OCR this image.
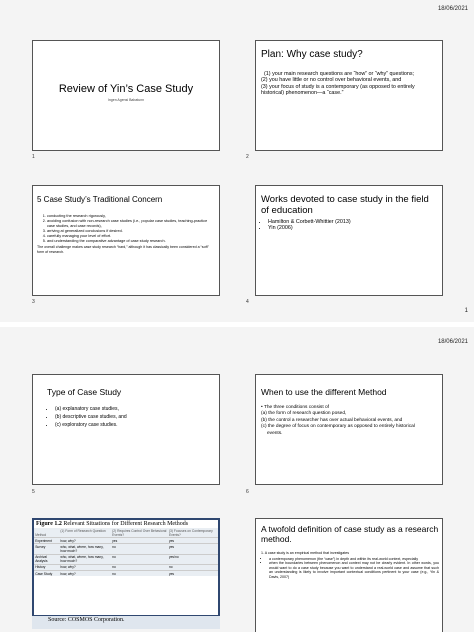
18/06/2021
Review of Yin’s Case Study
Ingen Agensi Babatunn
1
Plan: Why case study?
(1) your main research questions are “how” or “why” questions;
(2) you have little or no control over behavioral events, and
(3) your focus of study is a contemporary (as opposed to entirely historical) phenomenon—a “case.”
2
5 Case Study’s Traditional Concern
1. conducting the research rigorously,
2. avoiding confusion with non-research case studies (i.e., popular case studies, teaching-practice case studies, and case records),
3. arriving at generalized conclusions if desired.
4. carefully managing your level of effort.
5. and understanding the comparative advantage of case study research.
The overall challenge makes case study research “hard,” although it has classically been considered a “soft” form of research.
3
Works devoted to case study in the field of education
• Hamilton & Corbett-Whittier (2013)
• Yin (2006)
4
1
18/06/2021
Type of Case Study
• (a) explanatory case studies,
• (b) descriptive case studies, and
• (c) exploratory case studies.
5
When to use the different Method
• The three conditions consist of
(a) the form of research question posed,
(b) the control a researcher has over actual behavioral events, and
(c) the degree of focus on contemporary as opposed to entirely historical events.
6
Figure 1.2 Relevant Situations for Different Research Methods
Method	(1) Form of Research Question	(2) Requires Control Over Behavioral Events?	(3) Focuses on Contemporary Events?
Experiment	how, why?	yes	yes
Survey	who, what, where, how many, how much?	no	yes
Archival Analysis	who, what, where, how many, how much?	no	yes/no
History	how, why?	no	no
Case Study	how, why?	no	yes
Source: COSMOS Corporation.
A twofold definition of case study as a research method.
1. A case study is an empirical method that investigates
• a contemporary phenomenon (the “case”) in depth and within its real-world context, especially
• when the boundaries between phenomenon and context may not be clearly evident. In other words, you would want to do a case study because you want to understand a real-world case and assume that such an understanding is likely to involve important contextual conditions pertinent to your case (e.g., Yin & Davis, 2007)
